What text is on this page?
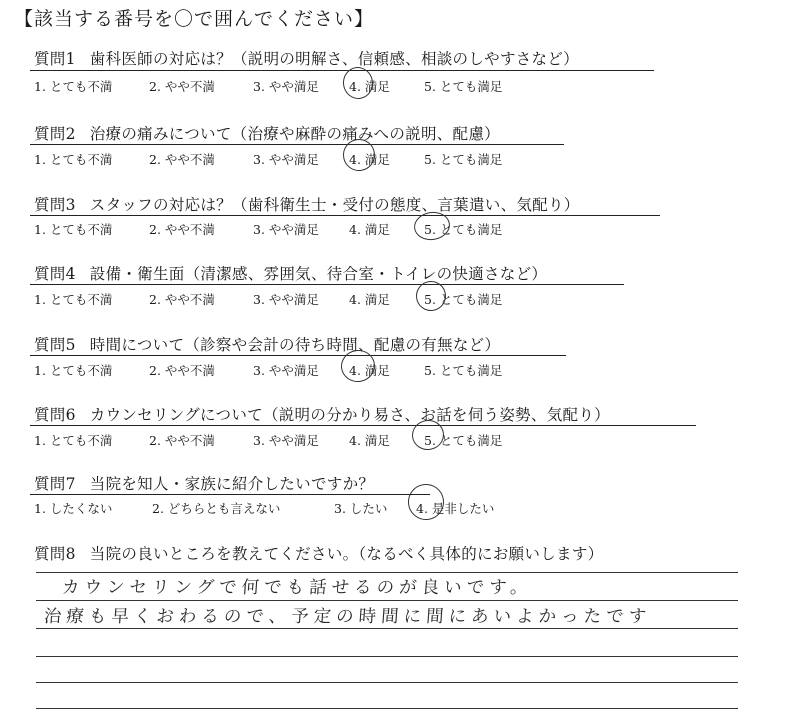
【該当する番号を〇で囲んでください】
質問1 歯科医師の対応は？（説明の明解さ、信頼感、相談のしやすさなど）
1. とても不満	2. やや不満	3. やや満足	4. 満足	5. とても満足
質問2 治療の痛みについて（治療や麻酔の痛みへの説明、配慮）
1. とても不満	2. やや不満	3. やや満足	4. 満足	5. とても満足
質問3 スタッフの対応は？（歯科衛生士・受付の態度、言葉遣い、気配り）
1. とても不満	2. やや不満	3. やや満足	4. 満足	5. とても満足
質問4 設備・衛生面（清潔感、雰囲気、待合室・トイレの快適さなど）
1. とても不満	2. やや不満	3. やや満足	4. 満足	5. とても満足
質問5 時間について（診察や会計の待ち時間、配慮の有無など）
1. とても不満	2. やや不満	3. やや満足	4. 満足	5. とても満足
質問6 カウンセリングについて（説明の分かり易さ、お話を伺う姿勢、気配り）
1. とても不満	2. やや不満	3. やや満足	4. 満足	5. とても満足
質問7 当院を知人・家族に紹介したいですか？
1. したくない	2. どちらとも言えない	3. したい	4. 是非したい
質問8 当院の良いところを教えてください。（なるべく具体的にお願いします）
カウンセリングで何でも話せるのが良いです。
治療も早くおわるので、予定の時間に間にあいよかったです
